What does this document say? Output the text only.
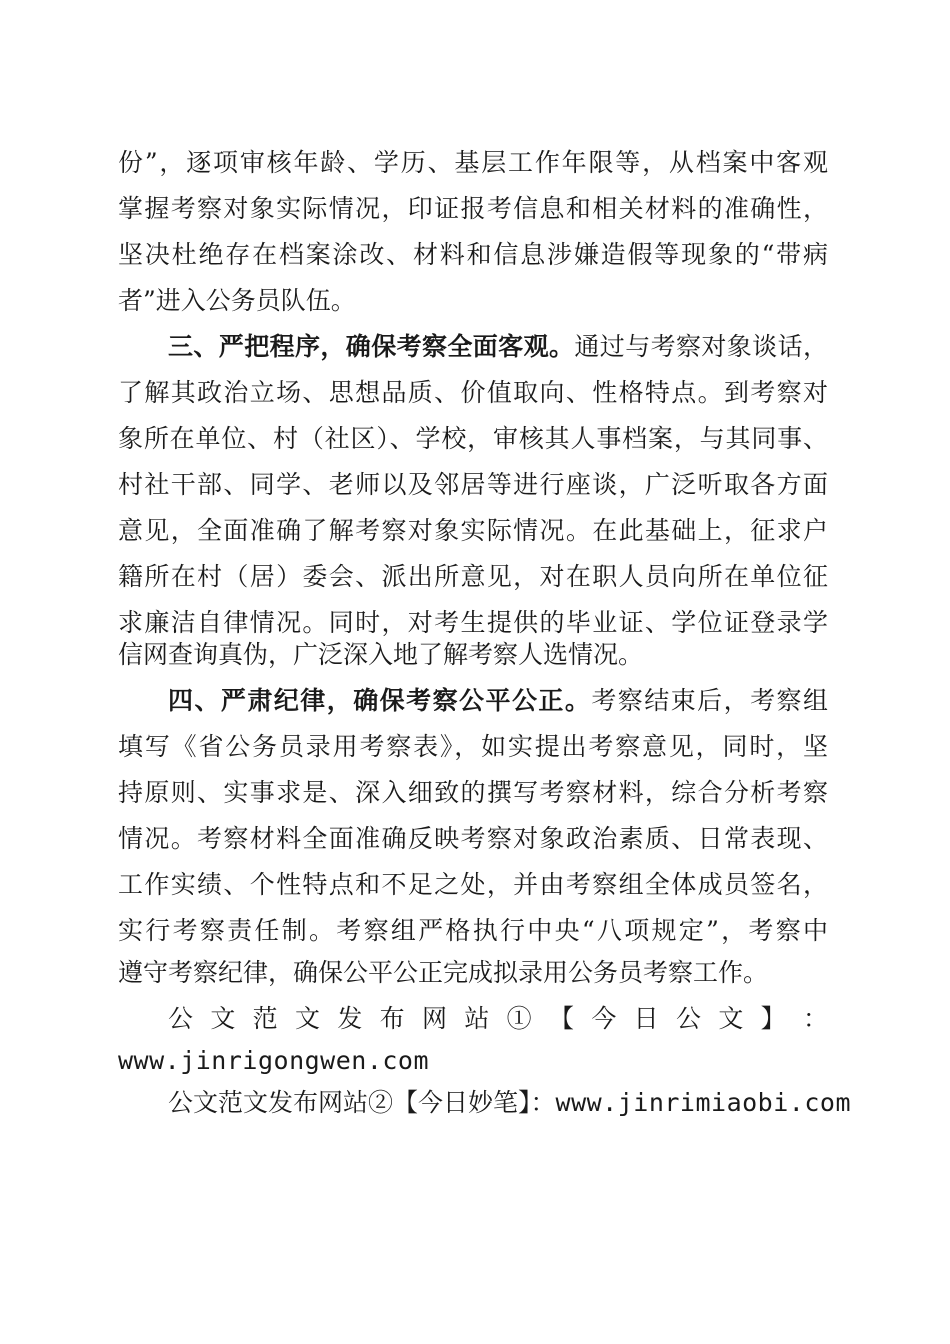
份”，逐项审核年龄、学历、基层工作年限等，从档案中客观
掌握考察对象实际情况，印证报考信息和相关材料的准确性，
坚决杜绝存在档案涂改、材料和信息涉嫌造假等现象的“带病
者”进入公务员队伍。
三、严把程序，确保考察全面客观。通过与考察对象谈话，
了解其政治立场、思想品质、价值取向、性格特点。到考察对
象所在单位、村（社区）、学校，审核其人事档案，与其同事、
村社干部、同学、老师以及邻居等进行座谈，广泛听取各方面
意见，全面准确了解考察对象实际情况。在此基础上，征求户
籍所在村（居）委会、派出所意见，对在职人员向所在单位征
求廉洁自律情况。同时，对考生提供的毕业证、学位证登录学
信网查询真伪，广泛深入地了解考察人选情况。
四、严肃纪律，确保考察公平公正。考察结束后，考察组
填写《省公务员录用考察表》，如实提出考察意见，同时，坚
持原则、实事求是、深入细致的撰写考察材料，综合分析考察
情况。考察材料全面准确反映考察对象政治素质、日常表现、
工作实绩、个性特点和不足之处，并由考察组全体成员签名，
实行考察责任制。考察组严格执行中央“八项规定”，考察中
遵守考察纪律，确保公平公正完成拟录用公务员考察工作。
公 文 范 文 发 布 网 站 ① 【 今 日 公 文 】 ：
www.jinrigongwen.com
公文范文发布网站②【今日妙笔】：www.jinrimiaobi.com
